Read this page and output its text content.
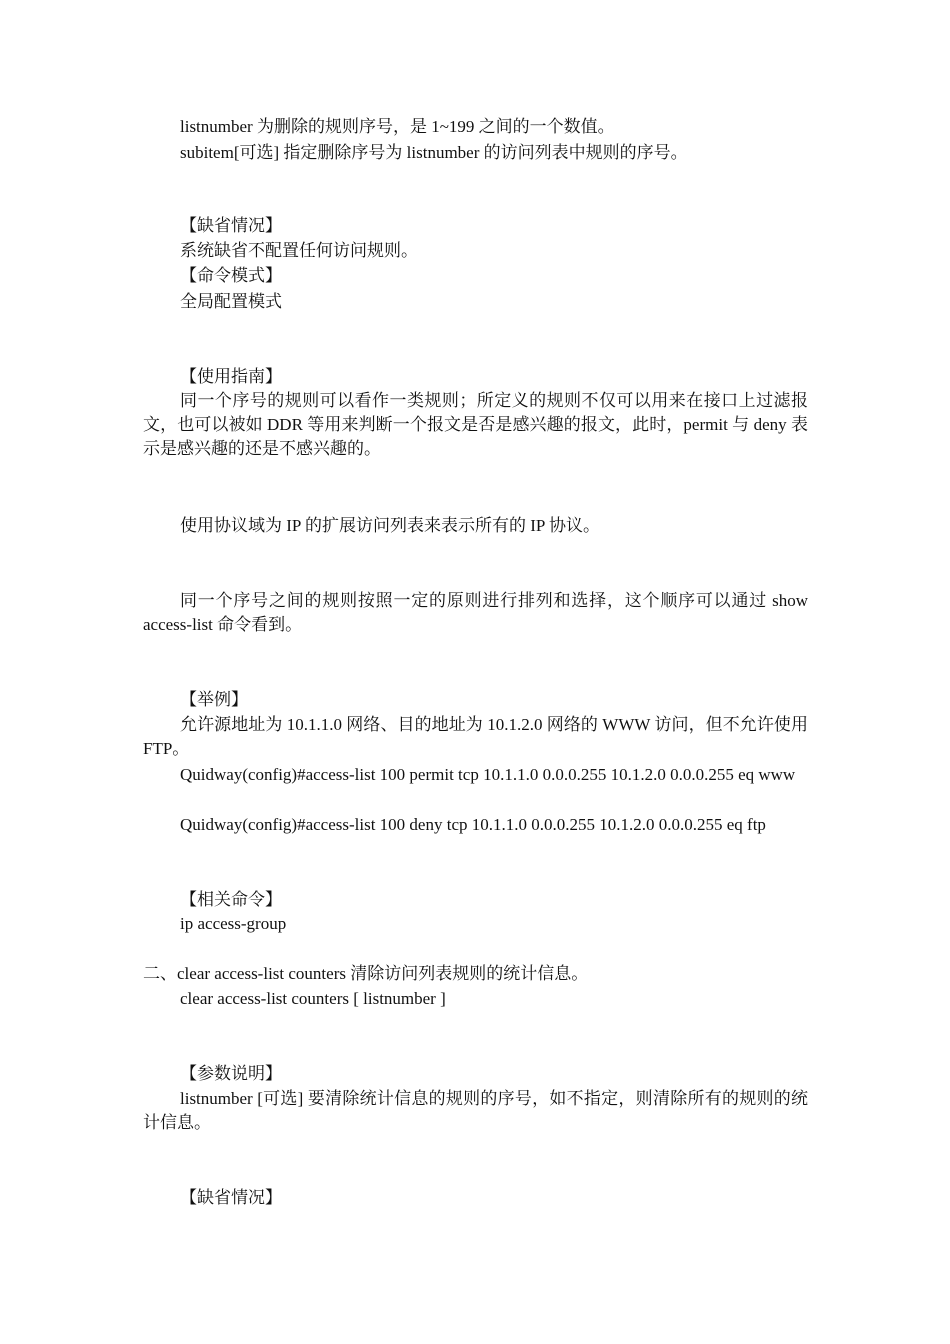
listnumber 为删除的规则序号，是 1~199 之间的一个数值。
subitem[可选] 指定删除序号为 listnumber 的访问列表中规则的序号。
【缺省情况】
系统缺省不配置任何访问规则。
【命令模式】
全局配置模式
【使用指南】
同一个序号的规则可以看作一类规则；所定义的规则不仅可以用来在接口上过滤报文，也可以被如 DDR 等用来判断一个报文是否是感兴趣的报文，此时，permit 与 deny 表示是感兴趣的还是不感兴趣的。
使用协议域为 IP 的扩展访问列表来表示所有的 IP 协议。
同一个序号之间的规则按照一定的原则进行排列和选择，这个顺序可以通过 show access-list 命令看到。
【举例】
允许源地址为 10.1.1.0 网络、目的地址为 10.1.2.0 网络的 WWW 访问，但不允许使用 FTP。
Quidway(config)#access-list 100 permit tcp 10.1.1.0 0.0.0.255 10.1.2.0 0.0.0.255 eq www
Quidway(config)#access-list 100 deny tcp 10.1.1.0 0.0.0.255 10.1.2.0 0.0.0.255 eq ftp
【相关命令】
ip access-group
二、clear access-list counters 清除访问列表规则的统计信息。
clear access-list counters [ listnumber ]
【参数说明】
listnumber [可选] 要清除统计信息的规则的序号，如不指定，则清除所有的规则的统计信息。
【缺省情况】
